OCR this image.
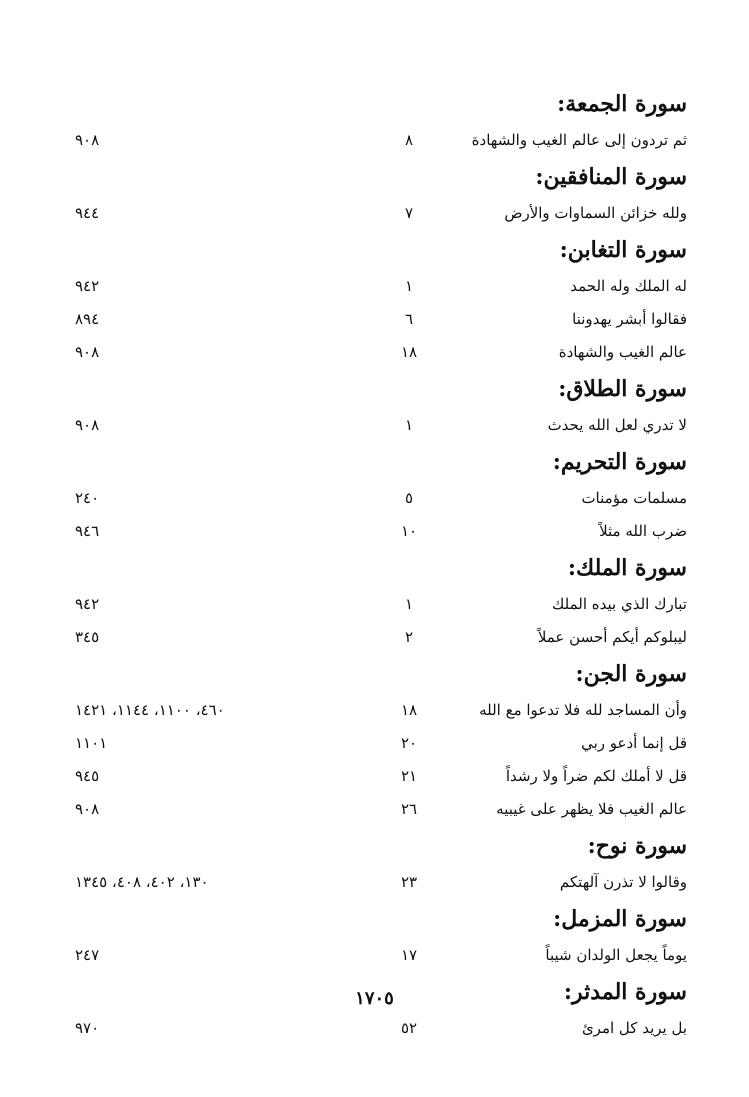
سورة الجمعة:
ثم تردون إلى عالم الغيب والشهادة
٨
٩٠٨
سورة المنافقين:
ولله خزائن السماوات والأرض
٧
٩٤٤
سورة التغابن:
له الملك وله الحمد
١
٩٤٢
فقالوا أبشر يهدوننا
٦
٨٩٤
عالم الغيب والشهادة
١٨
٩٠٨
سورة الطلاق:
لا تدري لعل الله يحدث
١
٩٠٨
سورة التحريم:
مسلمات مؤمنات
٥
٢٤٠
ضرب الله مثلاً
١٠
٩٤٦
سورة الملك:
تبارك الذي بيده الملك
١
٩٤٢
ليبلوكم أيكم أحسن عملاً
٢
٣٤٥
سورة الجن:
وأن المساجد لله فلا تدعوا مع الله
١٨
٤٦٠، ١١٠٠، ١١٤٤، ١٤٢١
قل إنما أدعو ربي
٢٠
١١٠١
قل لا أملك لكم ضراً ولا رشداً
٢١
٩٤٥
عالم الغيب فلا يظهر على غيبيه
٢٦
٩٠٨
سورة نوح:
وقالوا لا تذرن آلهتكم
٢٣
١٣٠، ٤٠٢، ٤٠٨، ١٣٤٥
سورة المزمل:
يوماً يجعل الولدان شيباً
١٧
٢٤٧
سورة المدثر:
بل يريد كل امرئ
٥٢
٩٧٠
١٧٠٥
